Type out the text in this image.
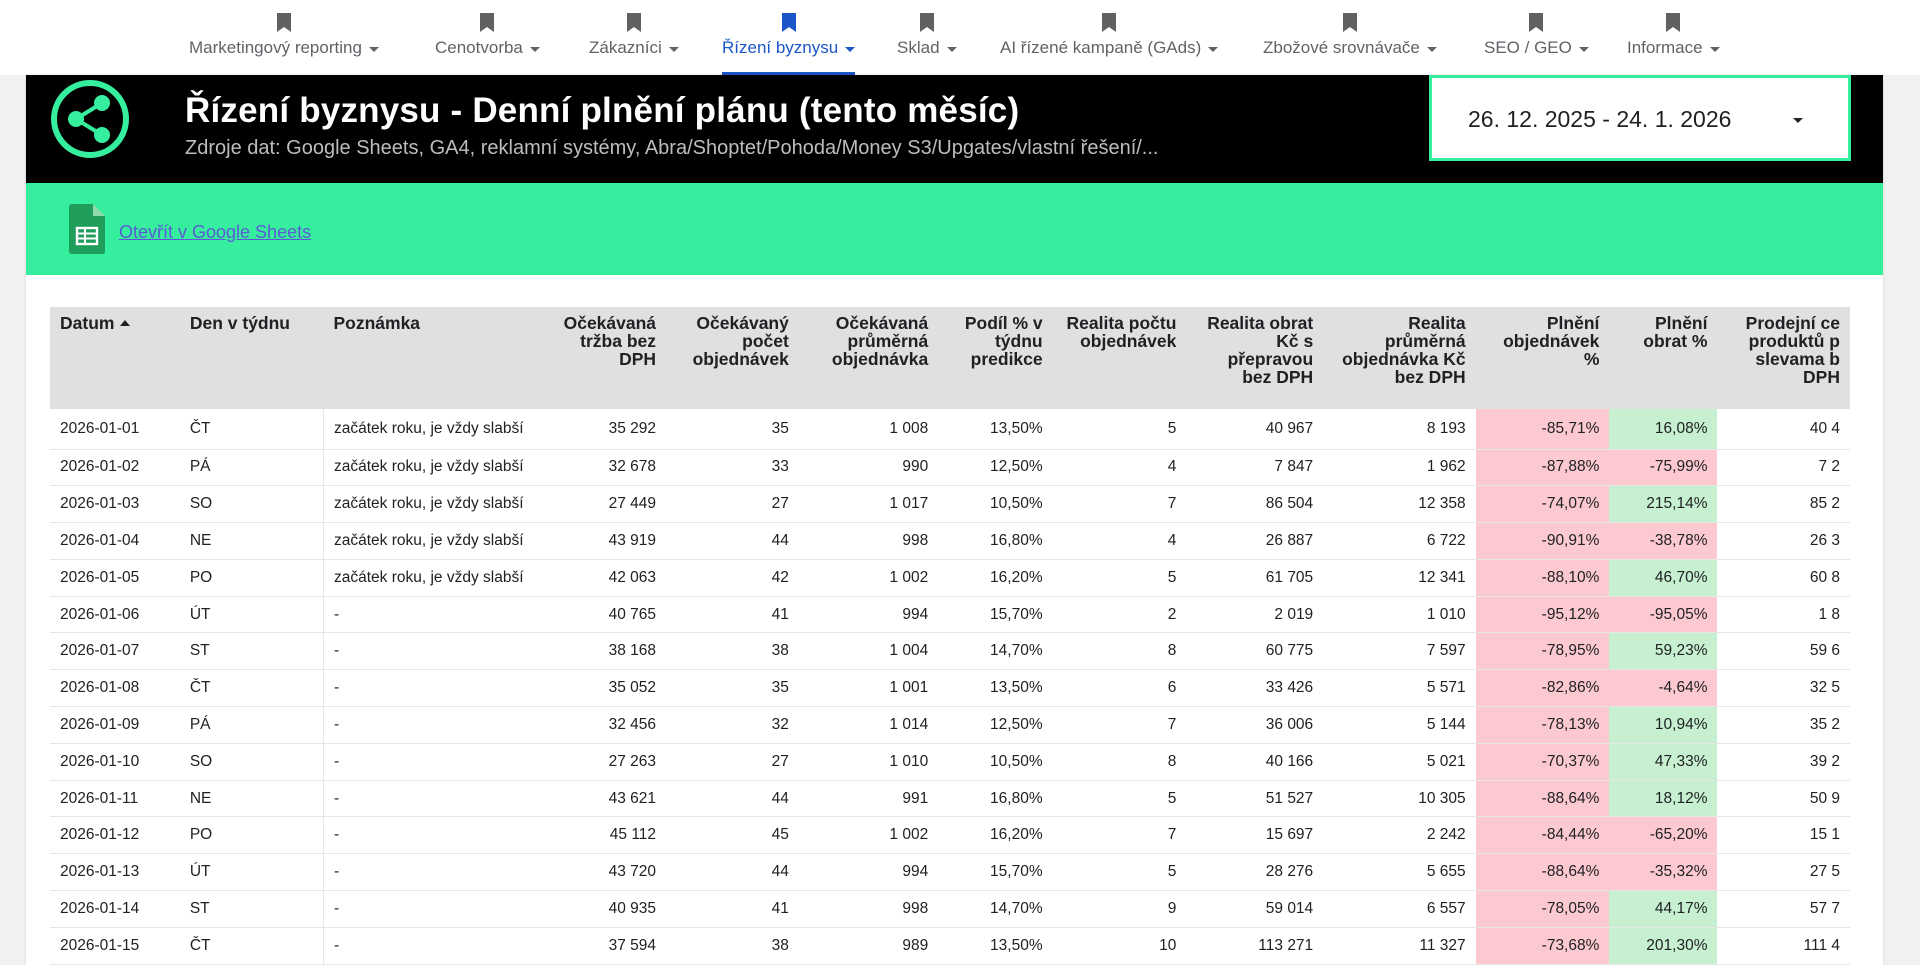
Marketingový reporting	Cenotvorba	Zákazníci	Řízení byznysu	Sklad	AI řízené kampaně (GAds)	Zbožové srovnávače	SEO / GEO	Informace
Řízení byznysu - Denní plnění plánu (tento měsíc)
Zdroje dat: Google Sheets, GA4, reklamní systémy, Abra/Shoptet/Pohoda/Money S3/Upgates/vlastní řešení/...
26. 12. 2025 - 24. 1. 2026
Otevřít v Google Sheets
Datum	Den v týdnu	Poznámka	Očekávaná tržba bez DPH	Očekávaný počet objednávek	Očekávaná průměrná objednávka	Podíl % v týdnu predikce	Realita počtu objednávek	Realita obrat Kč s přepravou bez DPH	Realita průměrná objednávka Kč bez DPH	Plnění objednávek %	Plnění obrat %	Prodejní ce produktů p slevama b DPH
2026-01-01	ČT	začátek roku, je vždy slabší	35 292	35	1 008	13,50%	5	40 967	8 193	-85,71%	16,08%	40 4
2026-01-02	PÁ	začátek roku, je vždy slabší	32 678	33	990	12,50%	4	7 847	1 962	-87,88%	-75,99%	7 2
2026-01-03	SO	začátek roku, je vždy slabší	27 449	27	1 017	10,50%	7	86 504	12 358	-74,07%	215,14%	85 2
2026-01-04	NE	začátek roku, je vždy slabší	43 919	44	998	16,80%	4	26 887	6 722	-90,91%	-38,78%	26 3
2026-01-05	PO	začátek roku, je vždy slabší	42 063	42	1 002	16,20%	5	61 705	12 341	-88,10%	46,70%	60 8
2026-01-06	ÚT	-	40 765	41	994	15,70%	2	2 019	1 010	-95,12%	-95,05%	1 8
2026-01-07	ST	-	38 168	38	1 004	14,70%	8	60 775	7 597	-78,95%	59,23%	59 6
2026-01-08	ČT	-	35 052	35	1 001	13,50%	6	33 426	5 571	-82,86%	-4,64%	32 5
2026-01-09	PÁ	-	32 456	32	1 014	12,50%	7	36 006	5 144	-78,13%	10,94%	35 2
2026-01-10	SO	-	27 263	27	1 010	10,50%	8	40 166	5 021	-70,37%	47,33%	39 2
2026-01-11	NE	-	43 621	44	991	16,80%	5	51 527	10 305	-88,64%	18,12%	50 9
2026-01-12	PO	-	45 112	45	1 002	16,20%	7	15 697	2 242	-84,44%	-65,20%	15 1
2026-01-13	ÚT	-	43 720	44	994	15,70%	5	28 276	5 655	-88,64%	-35,32%	27 5
2026-01-14	ST	-	40 935	41	998	14,70%	9	59 014	6 557	-78,05%	44,17%	57 7
2026-01-15	ČT	-	37 594	38	989	13,50%	10	113 271	11 327	-73,68%	201,30%	111 4
